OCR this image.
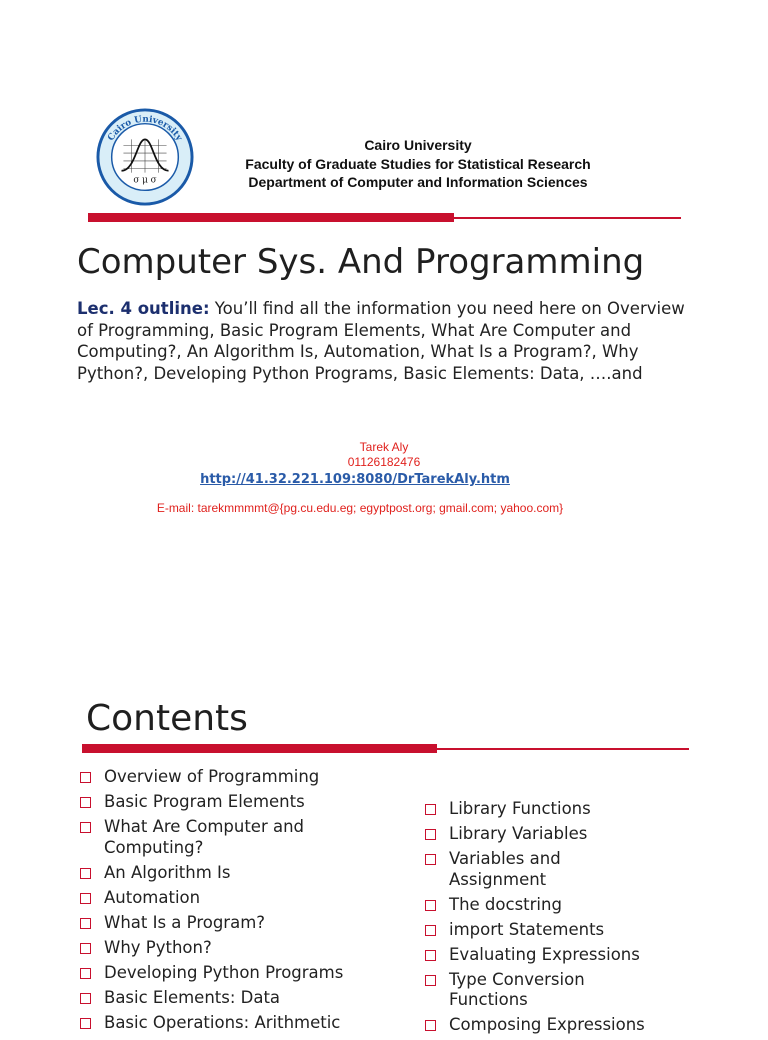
Cairo University
σ μ σ
Cairo University
Faculty of Graduate Studies for Statistical Research
Department of Computer and Information Sciences
Computer Sys. And Programming
Lec. 4 outline: You’ll find all the information you need here on Overview of Programming, Basic Program Elements, What Are Computer and Computing?, An Algorithm Is, Automation, What Is a Program?, Why Python?, Developing Python Programs, Basic Elements: Data, ….and
Tarek Aly
01126182476
http://41.32.221.109:8080/DrTarekAly.htm
E-mail: tarekmmmmt@{pg.cu.edu.eg; egyptpost.org; gmail.com; yahoo.com}
Contents
Overview of Programming
Basic Program Elements
What Are Computer and Computing?
An Algorithm Is
Automation
What Is a Program?
Why Python?
Developing Python Programs
Basic Elements: Data
Basic Operations: Arithmetic
Library Functions
Library Variables
Variables and Assignment
The docstring
import Statements
Evaluating Expressions
Type Conversion Functions
Composing Expressions
